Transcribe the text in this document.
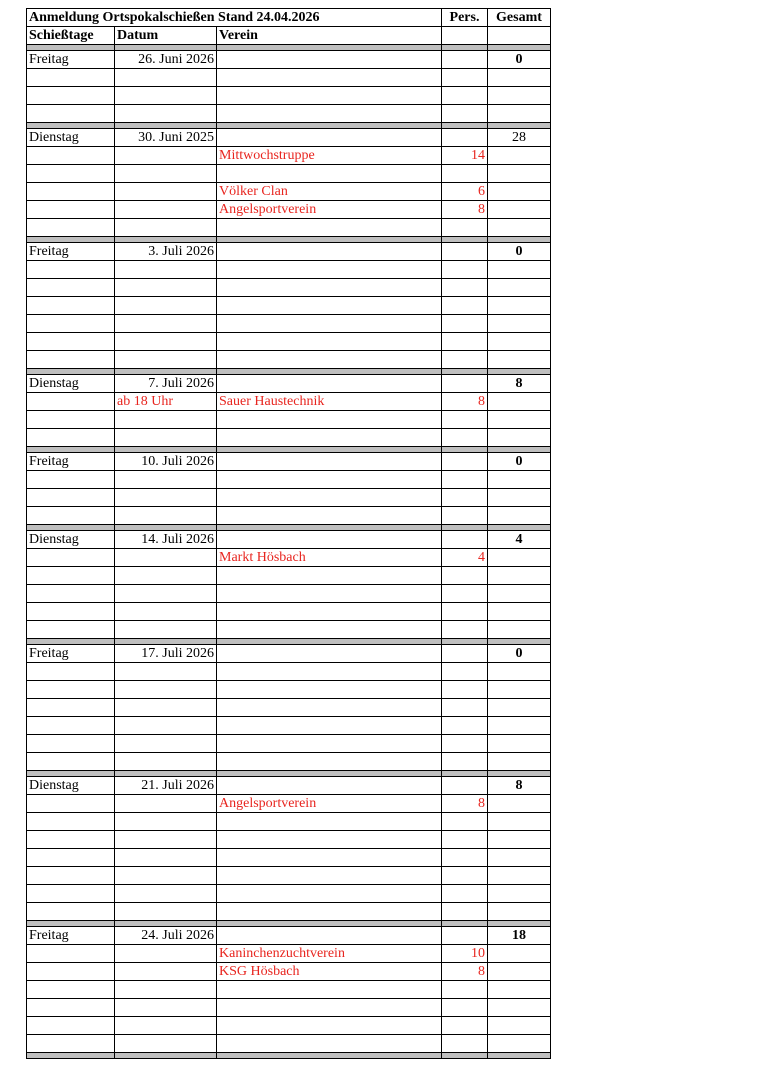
Anmeldung Ortspokalschießen Stand 24.04.2026			Pers.	Gesamt
Schießtage	Datum	Verein		

Freitag	26. Juni 2026			0

Dienstag	30. Juni 2025			28
		Mittwochstruppe	14	

		Völker Clan	6	
		Angelsportverein	8	

Freitag	3. Juli 2026			0

Dienstag	7. Juli 2026			8
	ab 18 Uhr	Sauer Haustechnik	8	

Freitag	10. Juli 2026			0

Dienstag	14. Juli 2026			4
		Markt Hösbach	4	

Freitag	17. Juli 2026			0

Dienstag	21. Juli 2026			8
		Angelsportverein	8	

Freitag	24. Juli 2026			18
		Kaninchenzuchtverein	10	
		KSG Hösbach	8	
